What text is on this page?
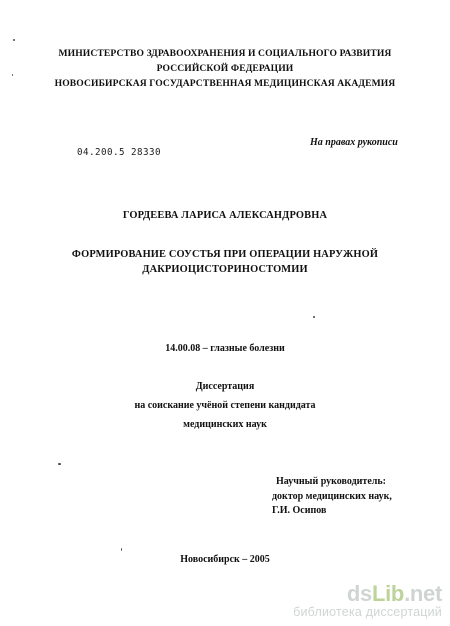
МИНИСТЕРСТВО ЗДРАВООХРАНЕНИЯ И СОЦИАЛЬНОГО РАЗВИТИЯ
РОССИЙСКОЙ ФЕДЕРАЦИИ
НОВОСИБИРСКАЯ ГОСУДАРСТВЕННАЯ МЕДИЦИНСКАЯ АКАДЕМИЯ
На правах рукописи
04.200.5 28330
ГОРДЕЕВА ЛАРИСА АЛЕКСАНДРОВНА
ФОРМИРОВАНИЕ СОУСТЬЯ ПРИ ОПЕРАЦИИ НАРУЖНОЙ
ДАКРИОЦИСТОРИНОСТОМИИ
14.00.08 – глазные болезни
Диссертация
на соискание учёной степени кандидата
медицинских наук
Научный руководитель:
доктор медицинских наук,
Г.И. Осипов
Новосибирск – 2005
dsLib.net
библиотека диссертаций
